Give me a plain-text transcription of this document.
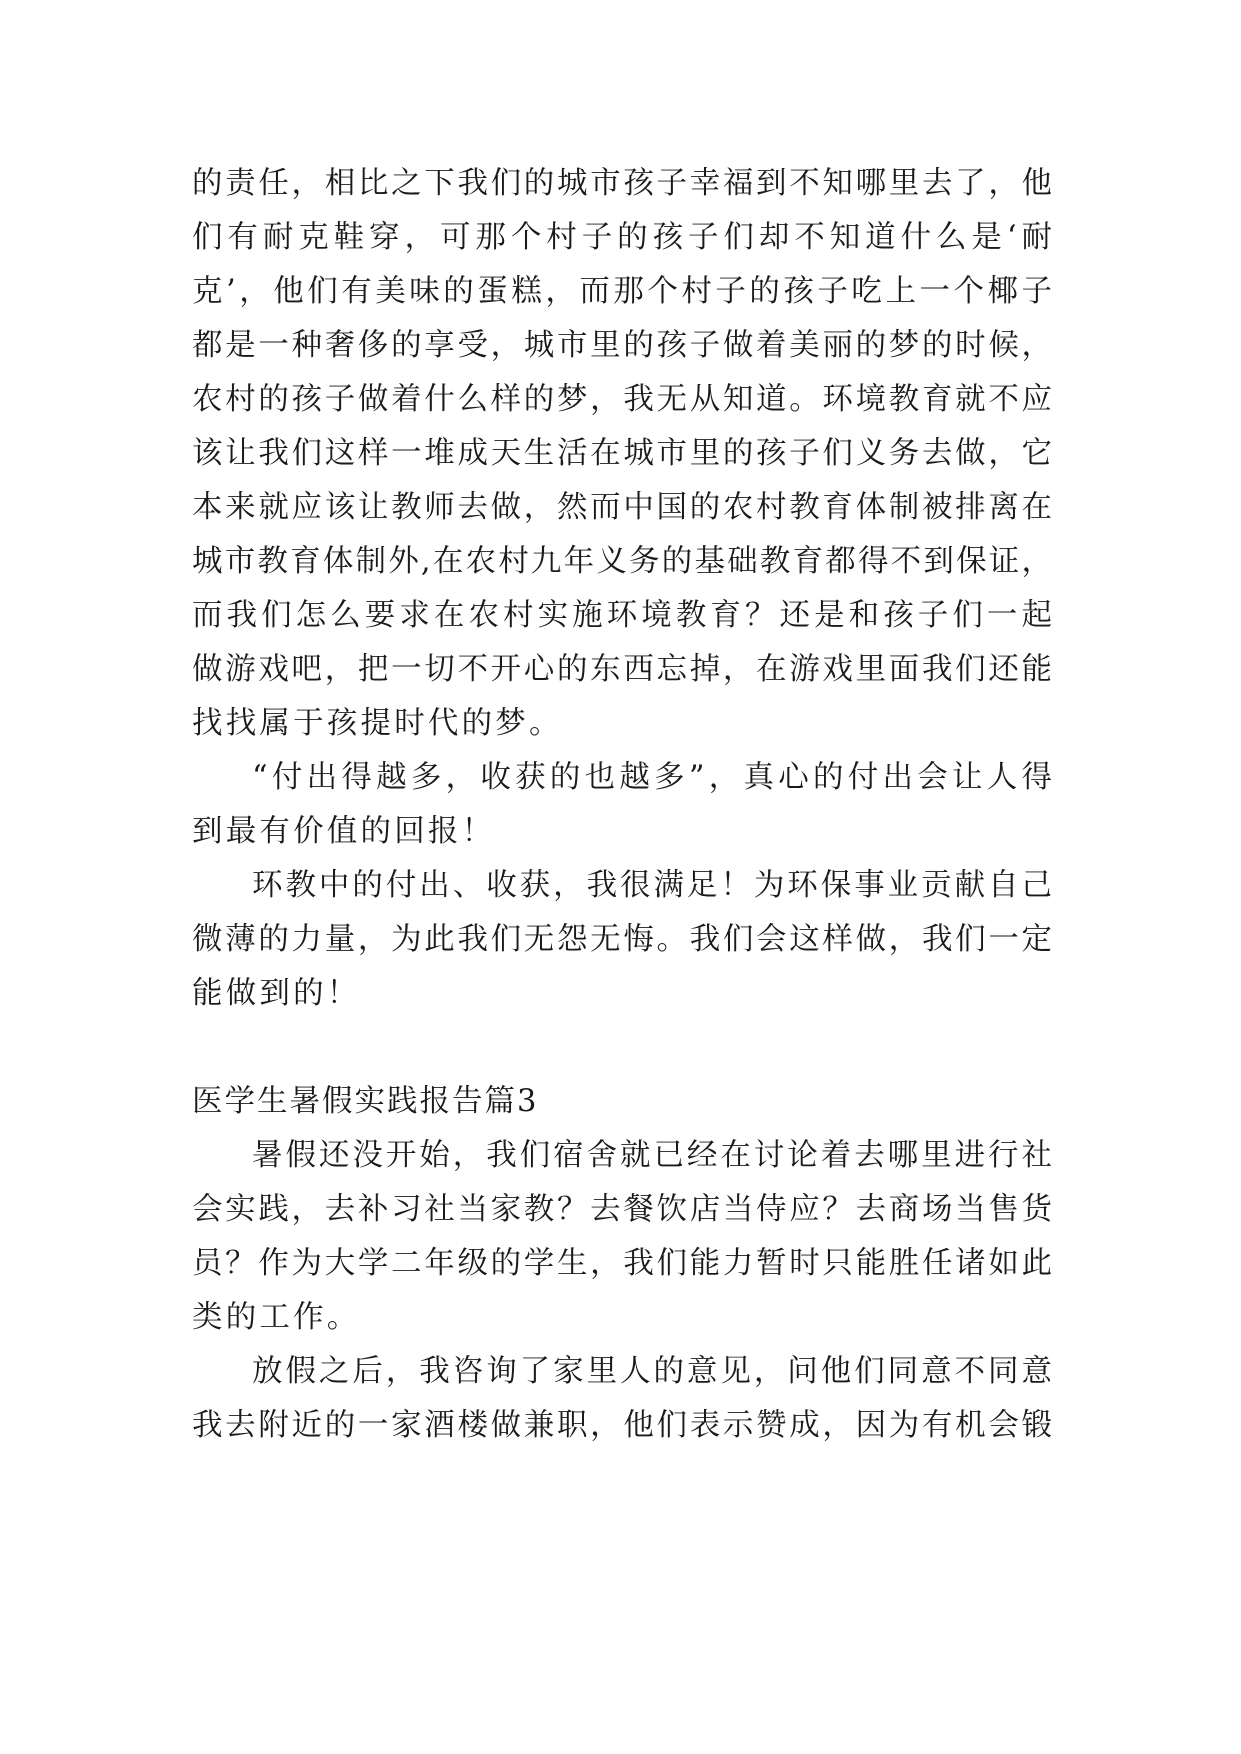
的责任，相比之下我们的城市孩子幸福到不知哪里去了，他
们有耐克鞋穿，可那个村子的孩子们却不知道什么是‘耐
克’，他们有美味的蛋糕，而那个村子的孩子吃上一个椰子
都是一种奢侈的享受，城市里的孩子做着美丽的梦的时候，
农村的孩子做着什么样的梦，我无从知道。环境教育就不应
该让我们这样一堆成天生活在城市里的孩子们义务去做，它
本来就应该让教师去做，然而中国的农村教育体制被排离在
城市教育体制外,在农村九年义务的基础教育都得不到保证，
而我们怎么要求在农村实施环境教育？还是和孩子们一起
做游戏吧，把一切不开心的东西忘掉，在游戏里面我们还能
找找属于孩提时代的梦。
“付出得越多，收获的也越多”，真心的付出会让人得
到最有价值的回报！
环教中的付出、收获，我很满足！为环保事业贡献自己
微薄的力量，为此我们无怨无悔。我们会这样做，我们一定
能做到的！
医学生暑假实践报告篇3
暑假还没开始，我们宿舍就已经在讨论着去哪里进行社
会实践，去补习社当家教？去餐饮店当侍应？去商场当售货
员？作为大学二年级的学生，我们能力暂时只能胜任诸如此
类的工作。
放假之后，我咨询了家里人的意见，问他们同意不同意
我去附近的一家酒楼做兼职，他们表示赞成，因为有机会锻
